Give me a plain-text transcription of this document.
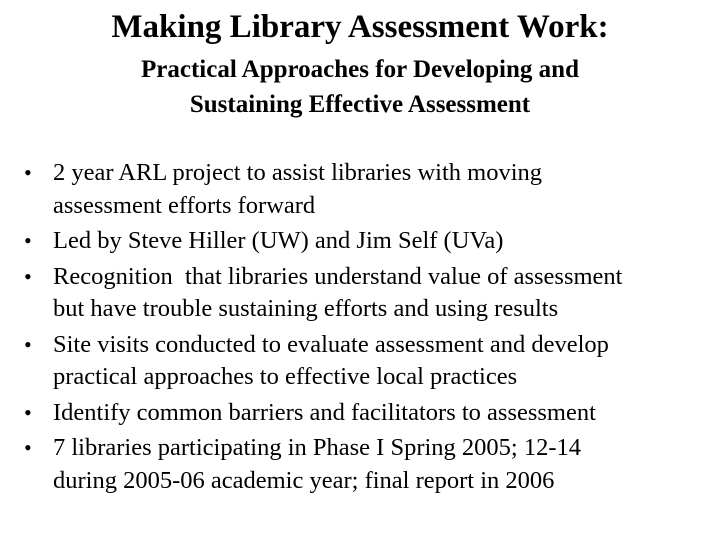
Making Library Assessment Work:
Practical Approaches for Developing and
Sustaining Effective Assessment
• 2 year ARL project to assist libraries with moving
assessment efforts forward
• Led by Steve Hiller (UW) and Jim Self (UVa)
• Recognition  that libraries understand value of assessment
but have trouble sustaining efforts and using results
• Site visits conducted to evaluate assessment and develop
practical approaches to effective local practices
• Identify common barriers and facilitators to assessment
• 7 libraries participating in Phase I Spring 2005; 12-14
during 2005-06 academic year; final report in 2006
